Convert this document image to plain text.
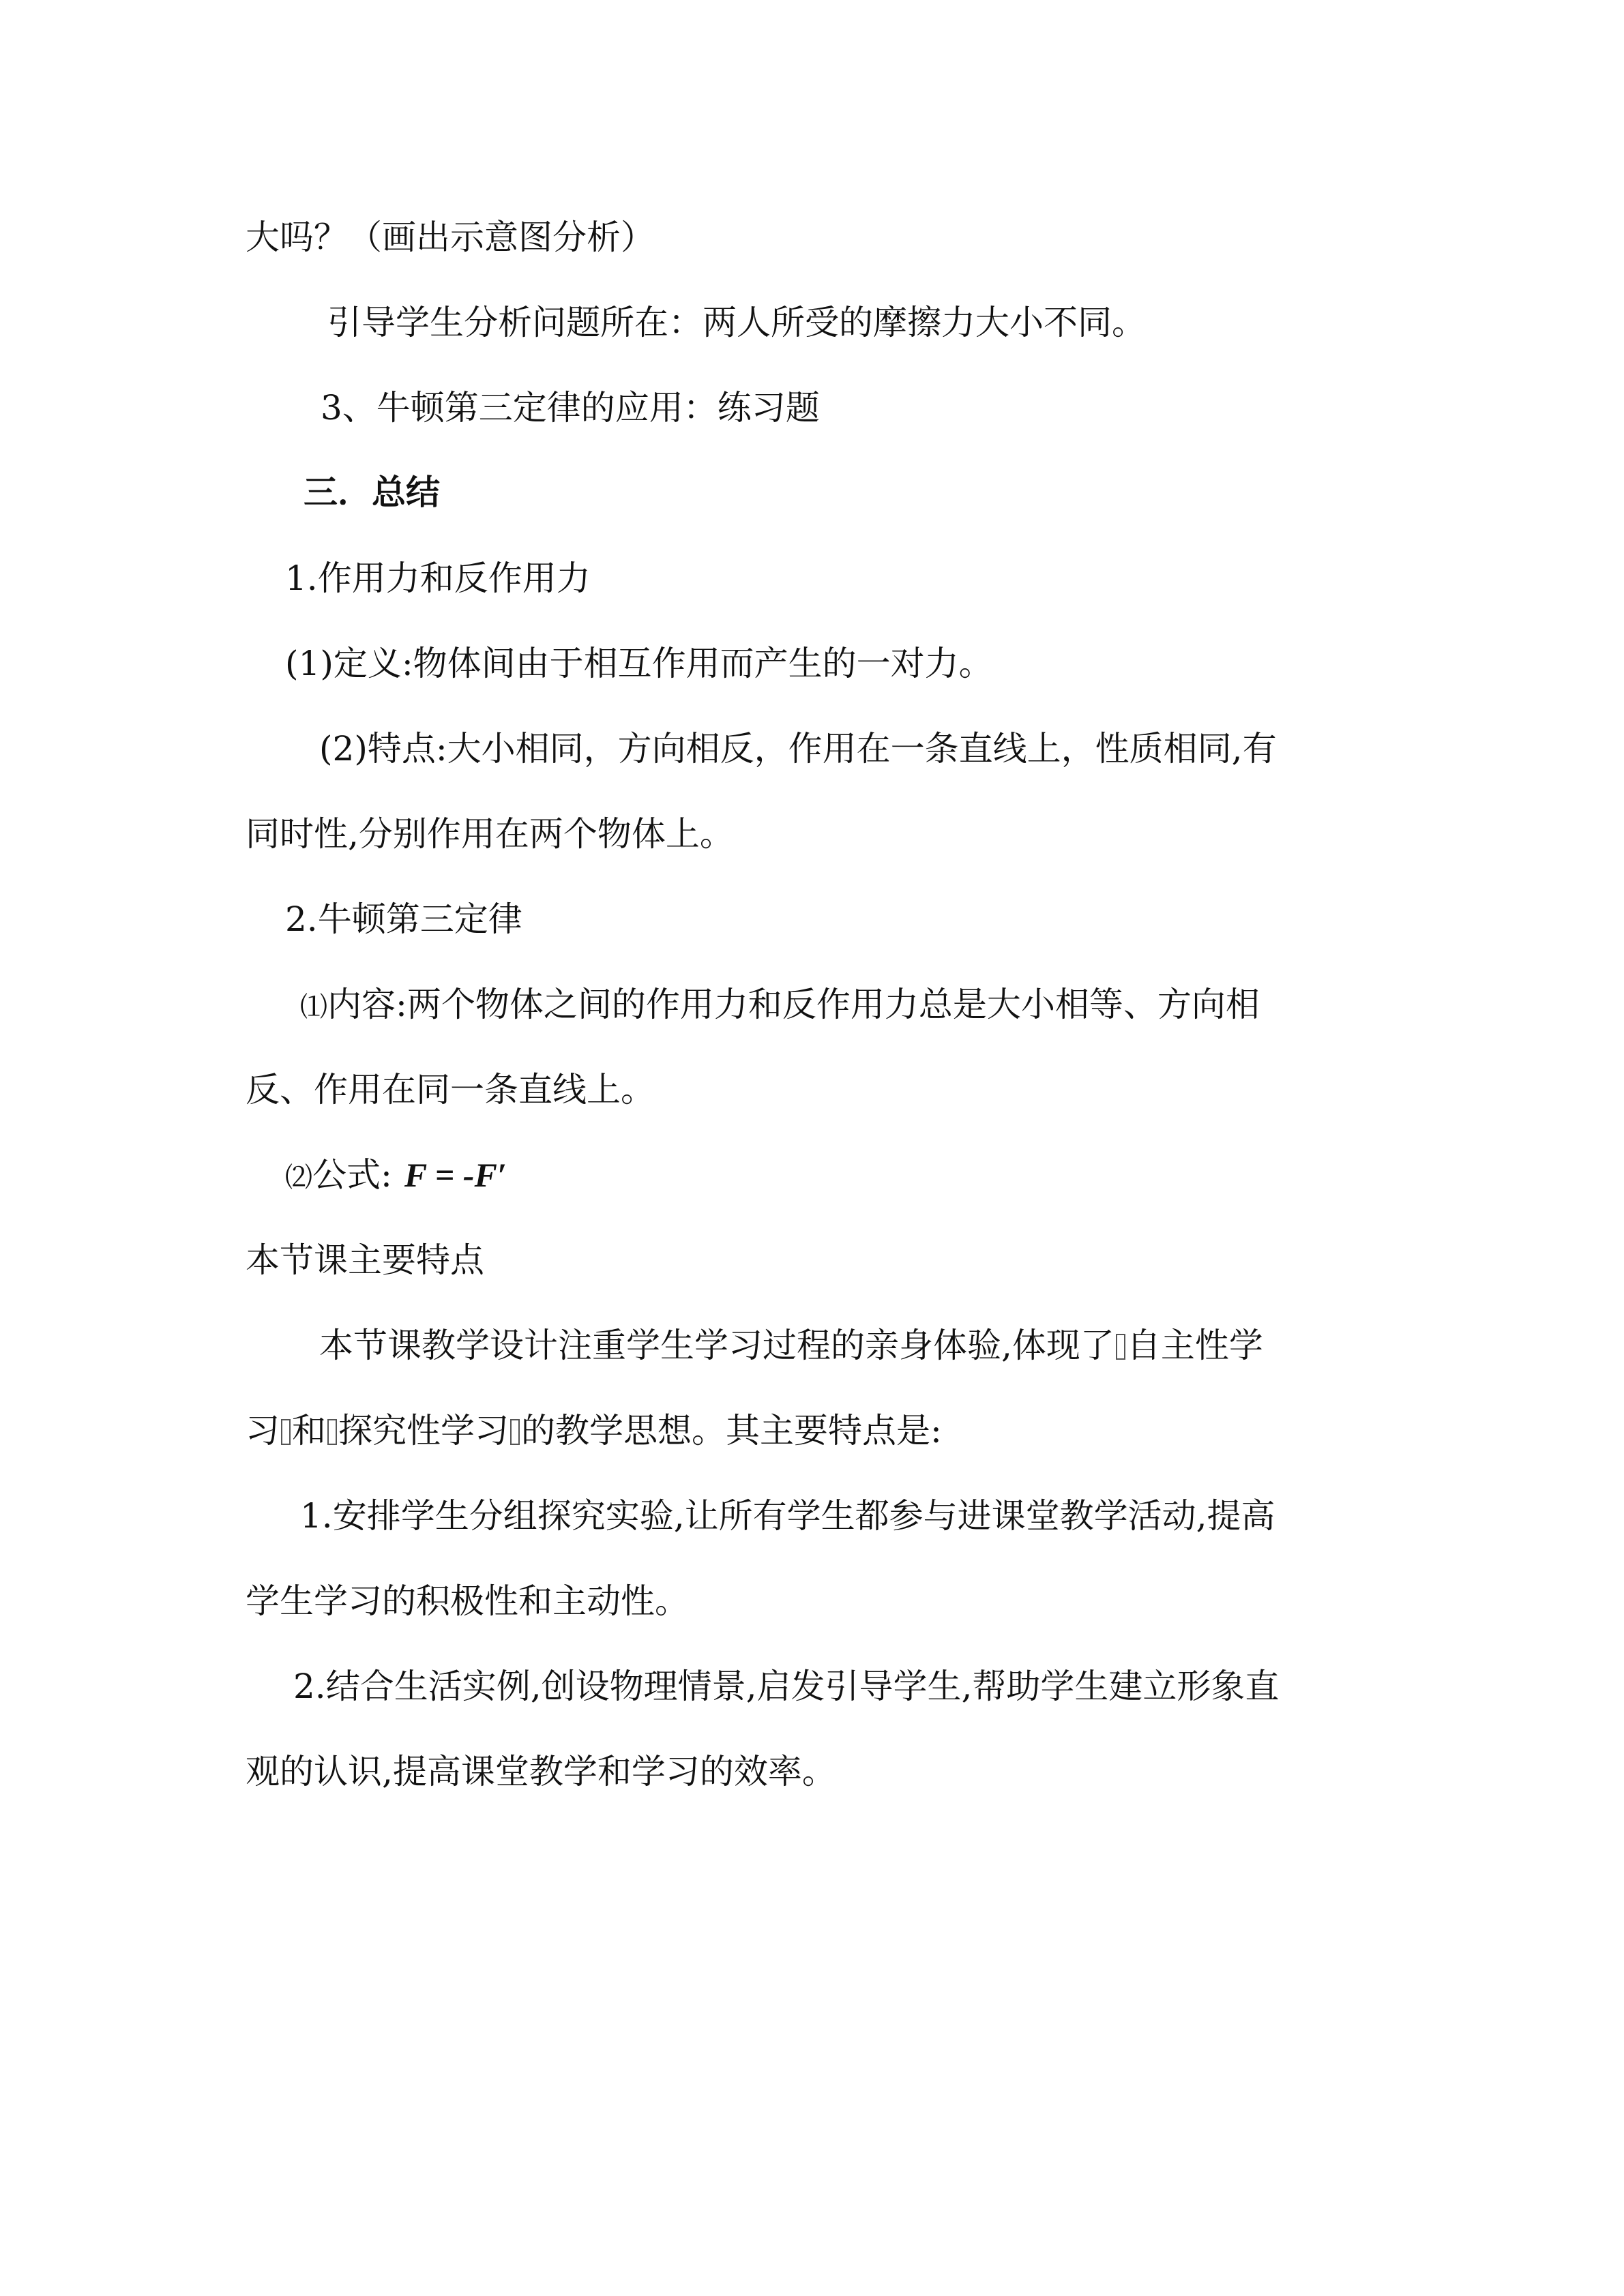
大吗？（画出示意图分析）
引导学生分析问题所在：两人所受的摩擦力大小不同。
3、牛顿第三定律的应用：练习题
三．总结
1.作用力和反作用力
(1)定义:物体间由于相互作用而产生的一对力。
(2)特点:大小相同，方向相反，作用在一条直线上，性质相同,有
同时性,分别作用在两个物体上。
2.牛顿第三定律
⑴内容:两个物体之间的作用力和反作用力总是大小相等、方向相
反、作用在同一条直线上。
⑵公式: F = -F′
本节课主要特点
本节课教学设计注重学生学习过程的亲身体验,体现了 自主性学
习 和 探究性学习 的教学思想。其主要特点是:
1.安排学生分组探究实验,让所有学生都参与进课堂教学活动,提高
学生学习的积极性和主动性。
2.结合生活实例,创设物理情景,启发引导学生,帮助学生建立形象直
观的认识,提高课堂教学和学习的效率。
